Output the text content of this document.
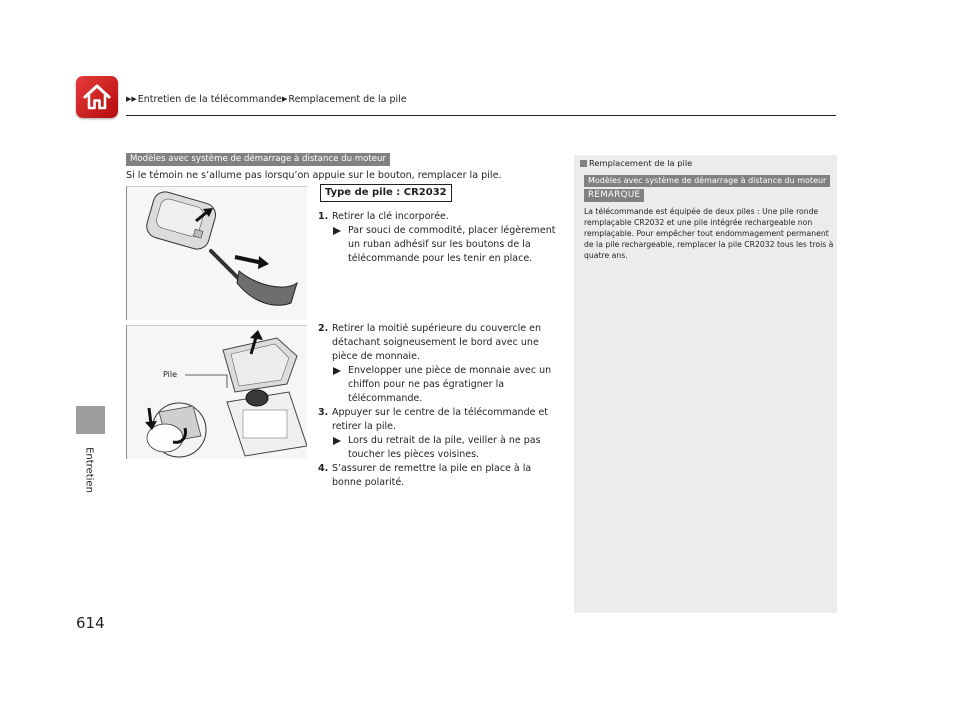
▶▶Entretien de la télécommande▶Remplacement de la pile
Entretien
614
Modèles avec système de démarrage à distance du moteur
Si le témoin ne s’allume pas lorsqu’on appuie sur le bouton, remplacer la pile.
Pile
Type de pile : CR2032
1. Retirer la clé incorporée.
Par souci de commodité, placer légèrement un ruban adhésif sur les boutons de la télécommande pour les tenir en place.
2. Retirer la moitié supérieure du couvercle en détachant soigneusement le bord avec une pièce de monnaie.
Envelopper une pièce de monnaie avec un chiffon pour ne pas égratigner la télécommande.
3. Appuyer sur le centre de la télécommande et retirer la pile.
Lors du retrait de la pile, veiller à ne pas toucher les pièces voisines.
4. S’assurer de remettre la pile en place à la bonne polarité.
Remplacement de la pile
Modèles avec système de démarrage à distance du moteur
REMARQUE
La télécommande est équipée de deux piles : Une pile ronde remplaçable CR2032 et une pile intégrée rechargeable non remplaçable. Pour empêcher tout endommagement permanent de la pile rechargeable, remplacer la pile CR2032 tous les trois à quatre ans.
